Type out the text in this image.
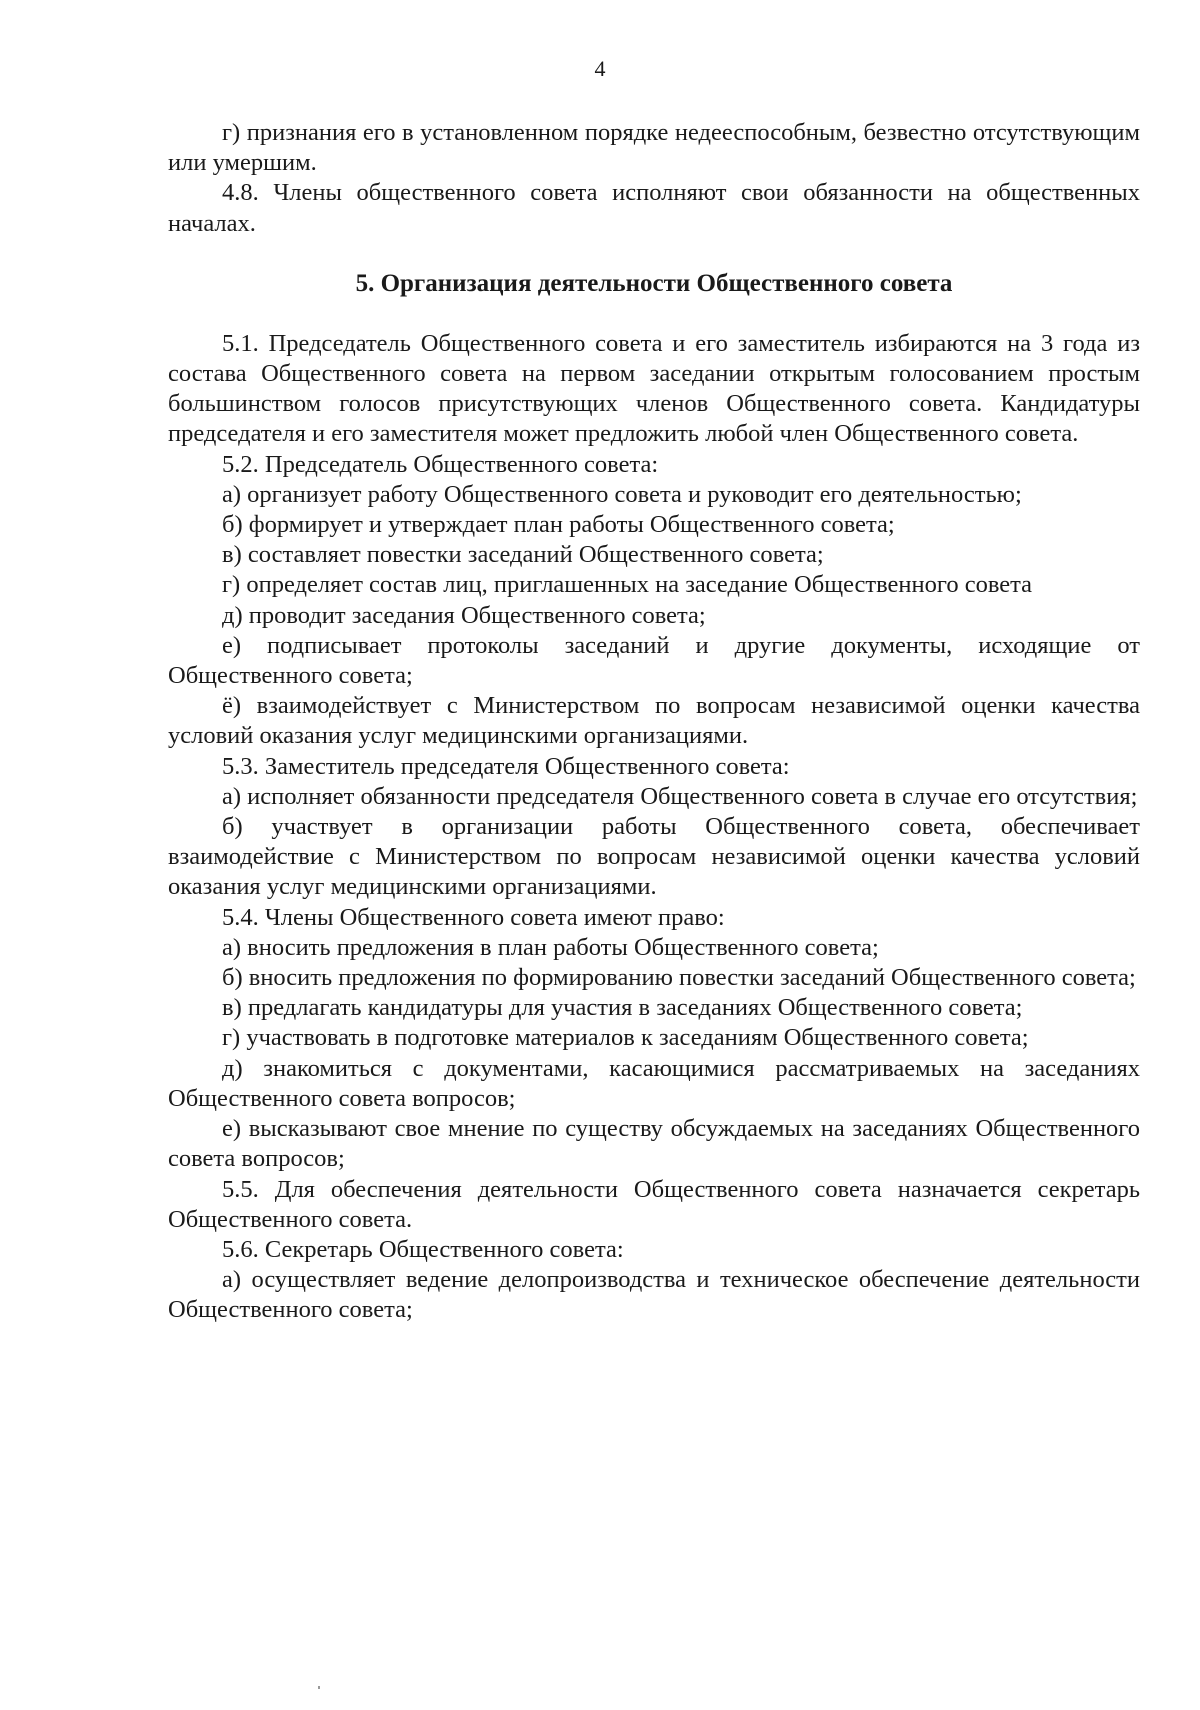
4

г) признания его в установленном порядке недееспособным, безвестно отсутствующим или умершим.

4.8. Члены общественного совета исполняют свои обязанности на общественных началах.

5. Организация деятельности Общественного совета

5.1. Председатель Общественного совета и его заместитель избираются на 3 года из состава Общественного совета на первом заседании открытым голосованием простым большинством голосов присутствующих членов Общественного совета. Кандидатуры председателя и его заместителя может предложить любой член Общественного совета.

5.2. Председатель Общественного совета:

а) организует работу Общественного совета и руководит его деятельностью;

б) формирует и утверждает план работы Общественного совета;

в) составляет повестки заседаний Общественного совета;

г) определяет состав лиц, приглашенных на заседание Общественного совета

д) проводит заседания Общественного совета;

е) подписывает протоколы заседаний и другие документы, исходящие от Общественного совета;

ё) взаимодействует с Министерством по вопросам независимой оценки качества условий оказания услуг медицинскими организациями.

5.3. Заместитель председателя Общественного совета:

а) исполняет обязанности председателя Общественного совета в случае его отсутствия;

б) участвует в организации работы Общественного совета, обеспечивает взаимодействие с Министерством по вопросам независимой оценки качества условий оказания услуг медицинскими организациями.

5.4. Члены Общественного совета имеют право:

а) вносить предложения в план работы Общественного совета;

б) вносить предложения по формированию повестки заседаний Общественного совета;

в) предлагать кандидатуры для участия в заседаниях Общественного совета;

г) участвовать в подготовке материалов к заседаниям Общественного совета;

д) знакомиться с документами, касающимися рассматриваемых на заседаниях Общественного совета вопросов;

е) высказывают свое мнение по существу обсуждаемых на заседаниях Общественного совета вопросов;

5.5. Для обеспечения деятельности Общественного совета назначается секретарь Общественного совета.

5.6. Секретарь Общественного совета:

а) осуществляет ведение делопроизводства и техническое обеспечение деятельности Общественного совета;
